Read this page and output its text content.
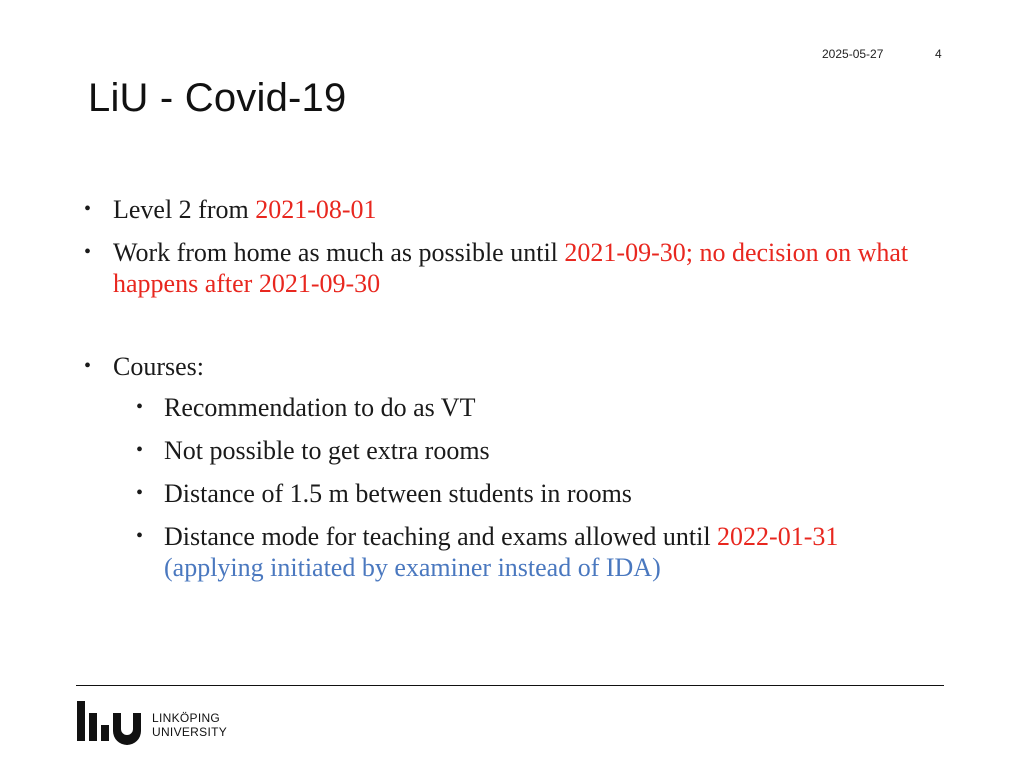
2025-05-27	4
LiU - Covid-19
• Level 2 from 2021-08-01
• Work from home as much as possible until 2021-09-30; no decision on what happens after 2021-09-30
• Courses:
• Recommendation to do as VT
• Not possible to get extra rooms
• Distance of 1.5 m between students in rooms
• Distance mode for teaching and exams allowed until 2022-01-31 (applying initiated by examiner instead of IDA)
LINKÖPING
UNIVERSITY
